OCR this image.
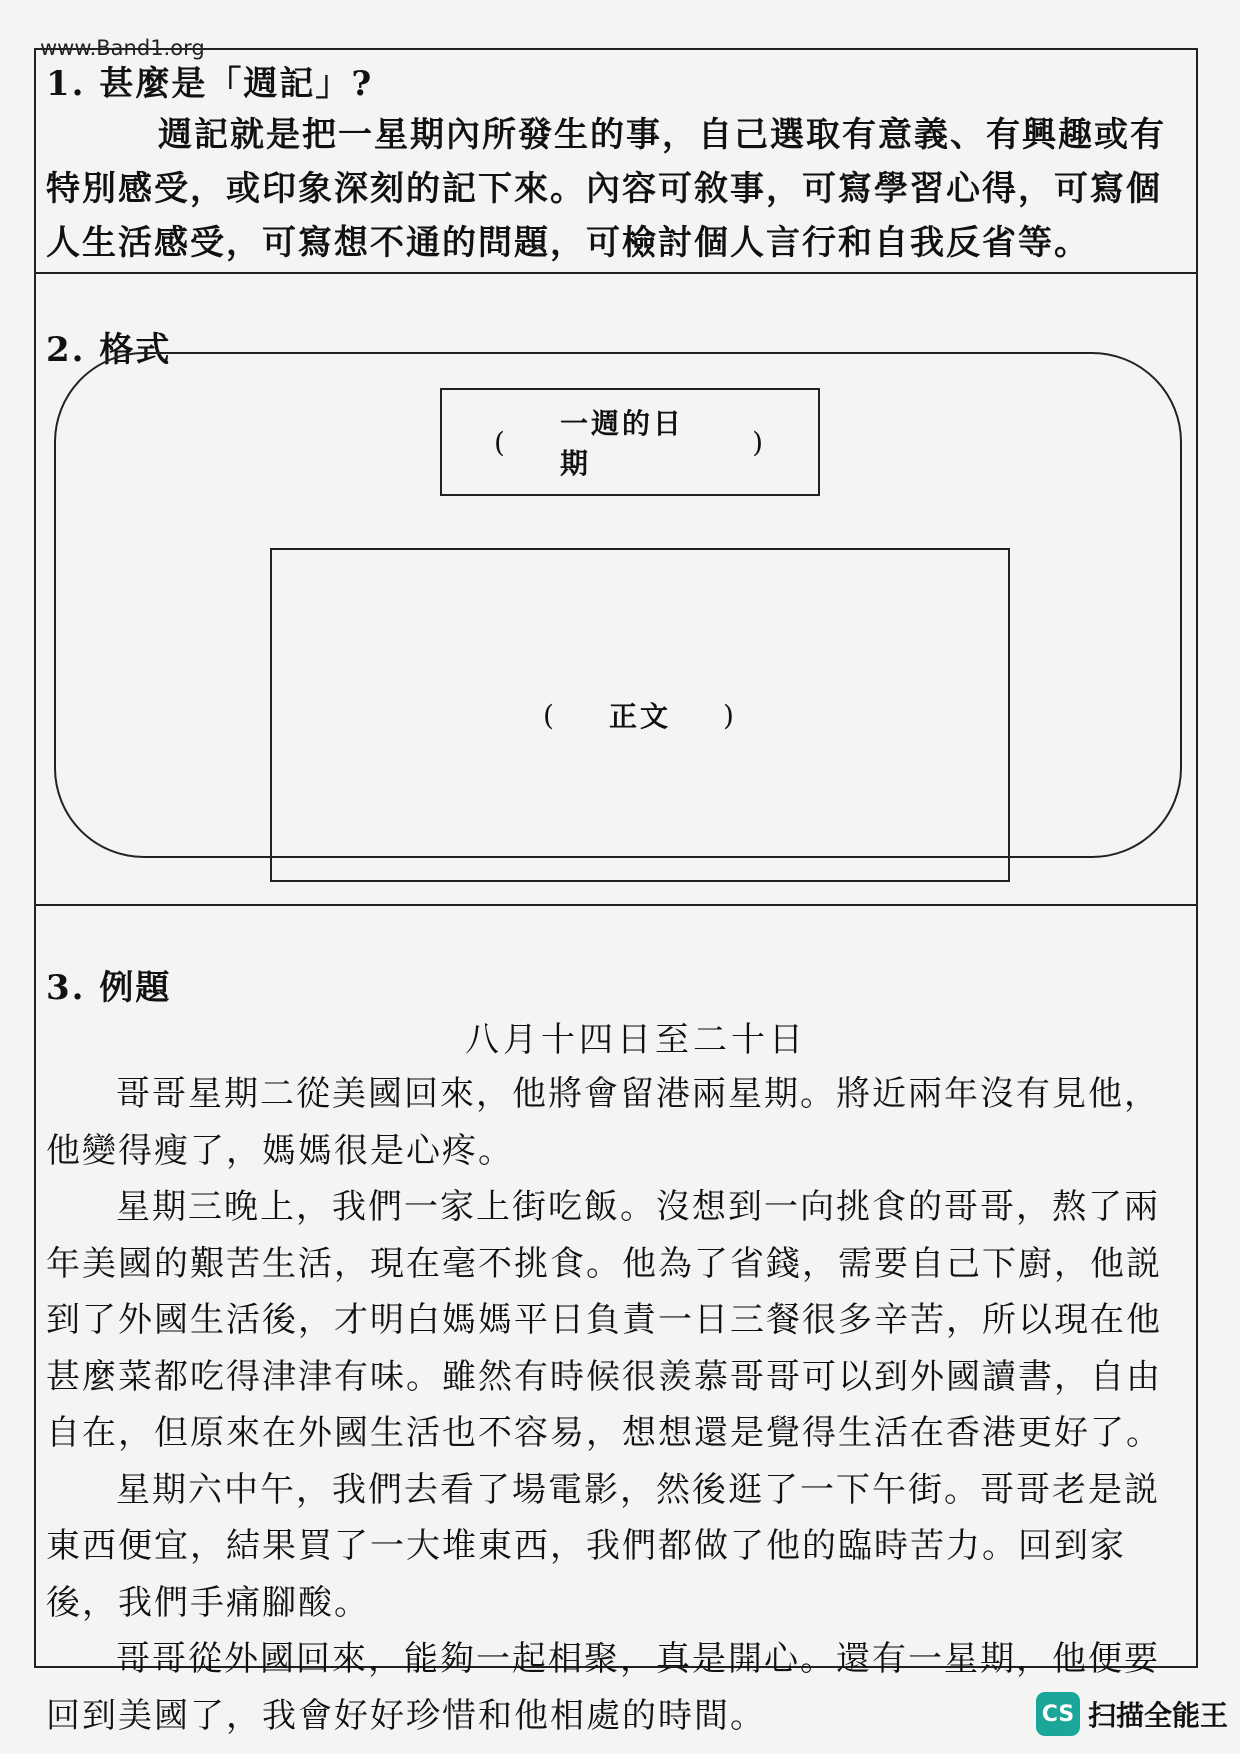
www.Band1.org
1. 甚麼是「週記」?

週記就是把一星期內所發生的事，自己選取有意義、有興趣或有特別感受，或印象深刻的記下來。內容可敘事，可寫學習心得，可寫個人生活感受，可寫想不通的問題，可檢討個人言行和自我反省等。

2. 格式
(
一週的日期
)
( 正文 )
3. 例題
八月十四日至二十日

哥哥星期二從美國回來，他將會留港兩星期。將近兩年沒有見他，他變得瘦了，媽媽很是心疼。

星期三晚上，我們一家上街吃飯。沒想到一向挑食的哥哥，熬了兩年美國的艱苦生活，現在毫不挑食。他為了省錢，需要自己下廚，他説到了外國生活後，才明白媽媽平日負責一日三餐很多辛苦，所以現在他甚麼菜都吃得津津有味。雖然有時候很羨慕哥哥可以到外國讀書，自由自在，但原來在外國生活也不容易，想想還是覺得生活在香港更好了。

星期六中午，我們去看了場電影，然後逛了一下午街。哥哥老是説東西便宜，結果買了一大堆東西，我們都做了他的臨時苦力。回到家後，我們手痛腳酸。

哥哥從外國回來，能夠一起相聚，真是開心。還有一星期，他便要回到美國了，我會好好珍惜和他相處的時間。	CS 扫描全能王
